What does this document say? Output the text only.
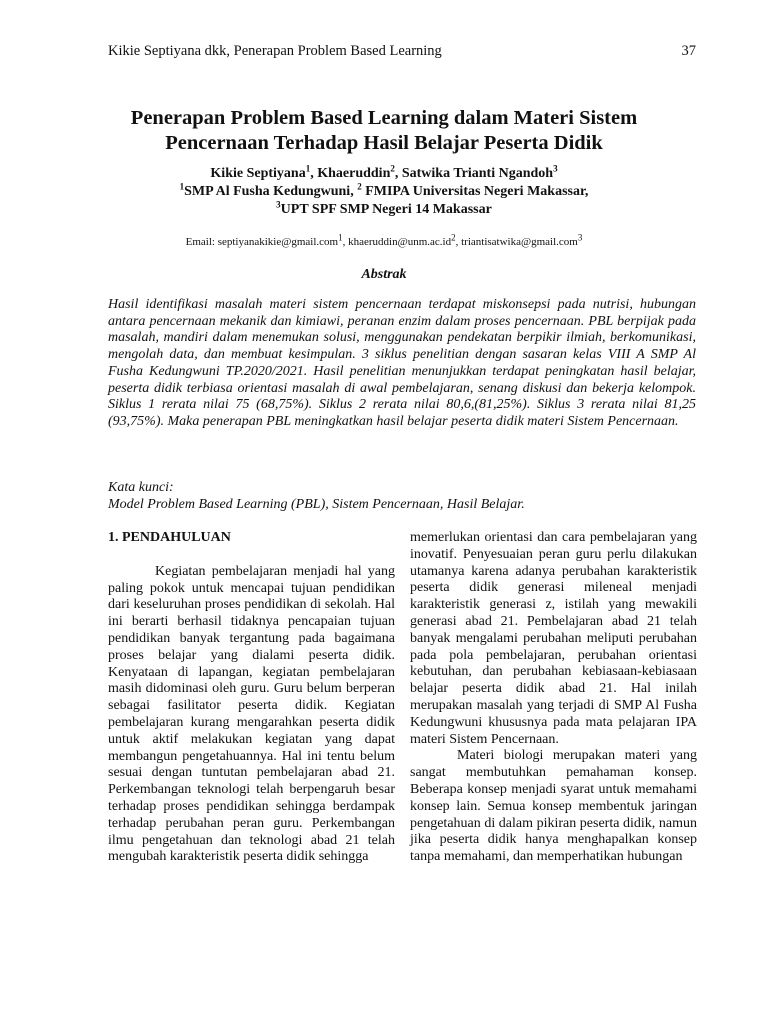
Kikie Septiyana dkk, Penerapan Problem Based Learning	37
Penerapan Problem Based Learning dalam Materi Sistem
Pencernaan Terhadap Hasil Belajar Peserta Didik
Kikie Septiyana$^1$, Khaeruddin$^2$, Satwika Trianti Ngandoh$^3$
$^1$SMP Al Fusha Kedungwuni, $^2$ FMIPA Universitas Negeri Makassar,
$^3$UPT SPF SMP Negeri 14 Makassar
Email: septiyanakikie@gmail.com$^1$, $khaeruddin@unm.ac.id^2$, triantisatwika@gmail.com$^3$
Abstrak

Hasil identifikasi masalah materi sistem pencernaan terdapat miskonsepsi pada nutrisi, hubungan antara pencernaan mekanik dan kimiawi, peranan enzim dalam proses pencernaan. PBL berpijak pada masalah, mandiri dalam menemukan solusi, menggunakan pendekatan berpikir ilmiah, berkomunikasi, mengolah data, dan membuat kesimpulan. 3 siklus penelitian dengan sasaran kelas VIII A SMP Al Fusha Kedungwuni TP.2020/2021. Hasil penelitian menunjukkan terdapat peningkatan hasil belajar, peserta didik terbiasa orientasi masalah di awal pembelajaran, senang diskusi dan bekerja kelompok. Siklus 1 rerata nilai 75 (68,75%). Siklus 2 rerata nilai 80,6,(81,25%). Siklus 3 rerata nilai 81,25 (93,75%). Maka penerapan PBL meningkatkan hasil belajar peserta didik materi Sistem Pencernaan.

Kata kunci:
Model Problem Based Learning (PBL), Sistem Pencernaan, Hasil Belajar.
1. PENDAHULUAN

Kegiatan pembelajaran menjadi hal yang paling pokok untuk mencapai tujuan pendidikan dari keseluruhan proses pendidikan di sekolah. Hal ini berarti berhasil tidaknya pencapaian tujuan pendidikan banyak tergantung pada bagaimana proses belajar yang dialami peserta didik. Kenyataan di lapangan, kegiatan pembelajaran masih didominasi oleh guru. Guru belum berperan sebagai fasilitator peserta didik. Kegiatan pembelajaran kurang mengarahkan peserta didik untuk aktif melakukan kegiatan yang dapat membangun pengetahuannya. Hal ini tentu belum sesuai dengan tuntutan pembelajaran abad 21. Perkembangan teknologi telah berpengaruh besar terhadap proses pendidikan sehingga berdampak terhadap perubahan peran guru. Perkembangan ilmu pengetahuan dan teknologi abad 21 telah mengubah karakteristik peserta didik sehingga

memerlukan orientasi dan cara pembelajaran yang inovatif. Penyesuaian peran guru perlu dilakukan utamanya karena adanya perubahan karakteristik peserta didik generasi mileneal menjadi karakteristik generasi z, istilah yang mewakili generasi abad 21. Pembelajaran abad 21 telah banyak mengalami perubahan meliputi perubahan pada pola pembelajaran, perubahan orientasi kebutuhan, dan perubahan kebiasaan-kebiasaan belajar peserta didik abad 21. Hal inilah merupakan masalah yang terjadi di SMP Al Fusha Kedungwuni khususnya pada mata pelajaran IPA materi Sistem Pencernaan.

Materi biologi merupakan materi yang sangat membutuhkan pemahaman konsep. Beberapa konsep menjadi syarat untuk memahami konsep lain. Semua konsep membentuk jaringan pengetahuan di dalam pikiran peserta didik, namun jika peserta didik hanya menghapalkan konsep tanpa memahami, dan memperhatikan hubungan
